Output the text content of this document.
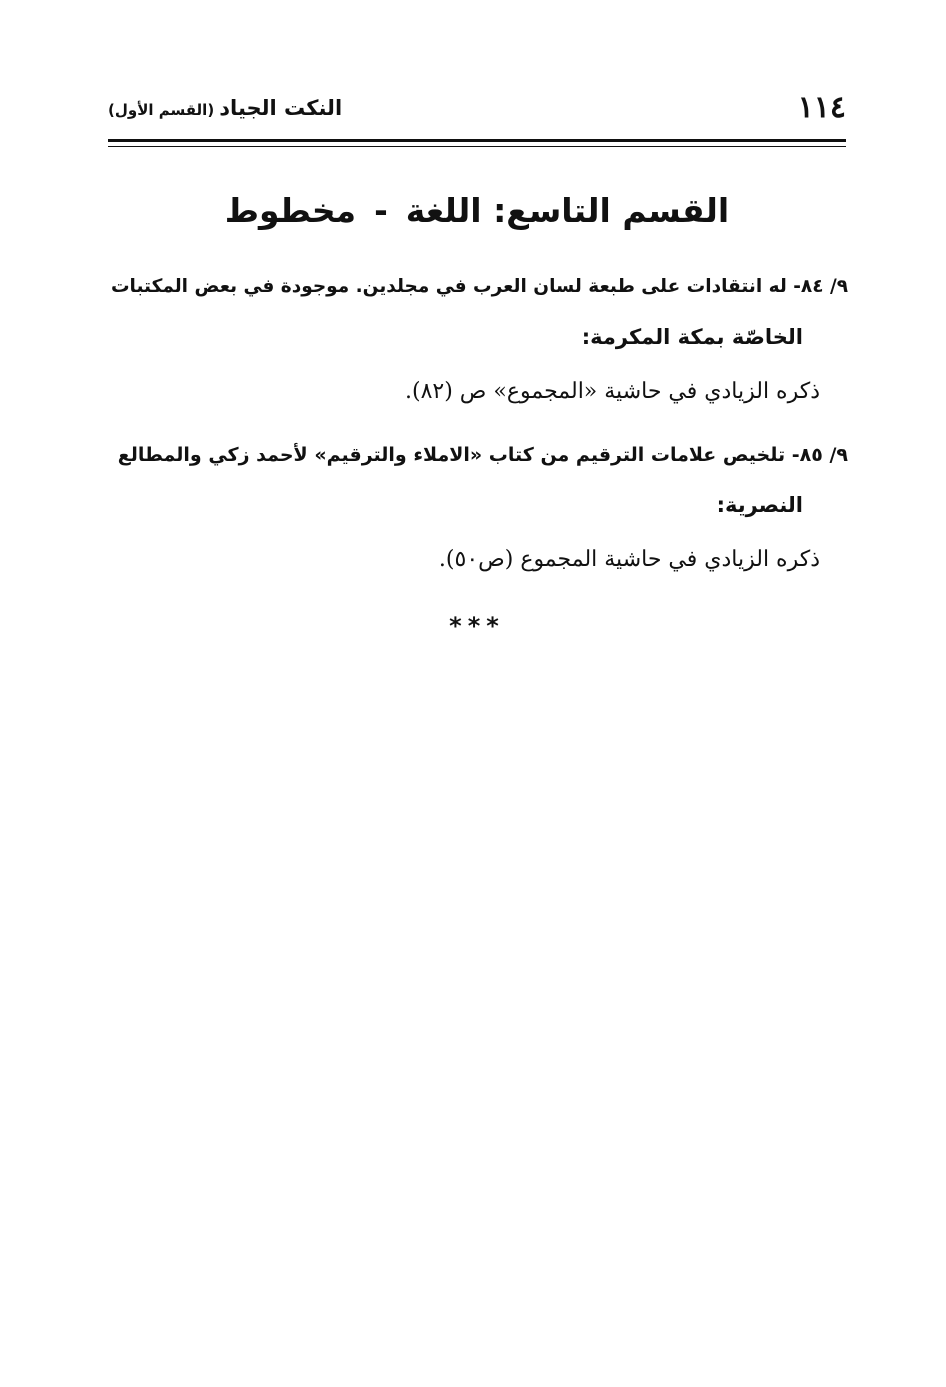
١١٤
النكت الجياد (القسم الأول)
القسم التاسع: اللغة-مخطوط
٩/ ٨٤- له انتقادات على طبعة لسان العرب في مجلدين. موجودة في بعض المكتبات
الخاصّة بمكة المكرمة:
ذكره الزيادي في حاشية «المجموع» ص (٨٢).
٩/ ٨٥- تلخيص علامات الترقيم من كتاب «الاملاء والترقيم» لأحمد زكي والمطالع
النصرية:
ذكره الزيادي في حاشية المجموع (ص٥٠).
***
